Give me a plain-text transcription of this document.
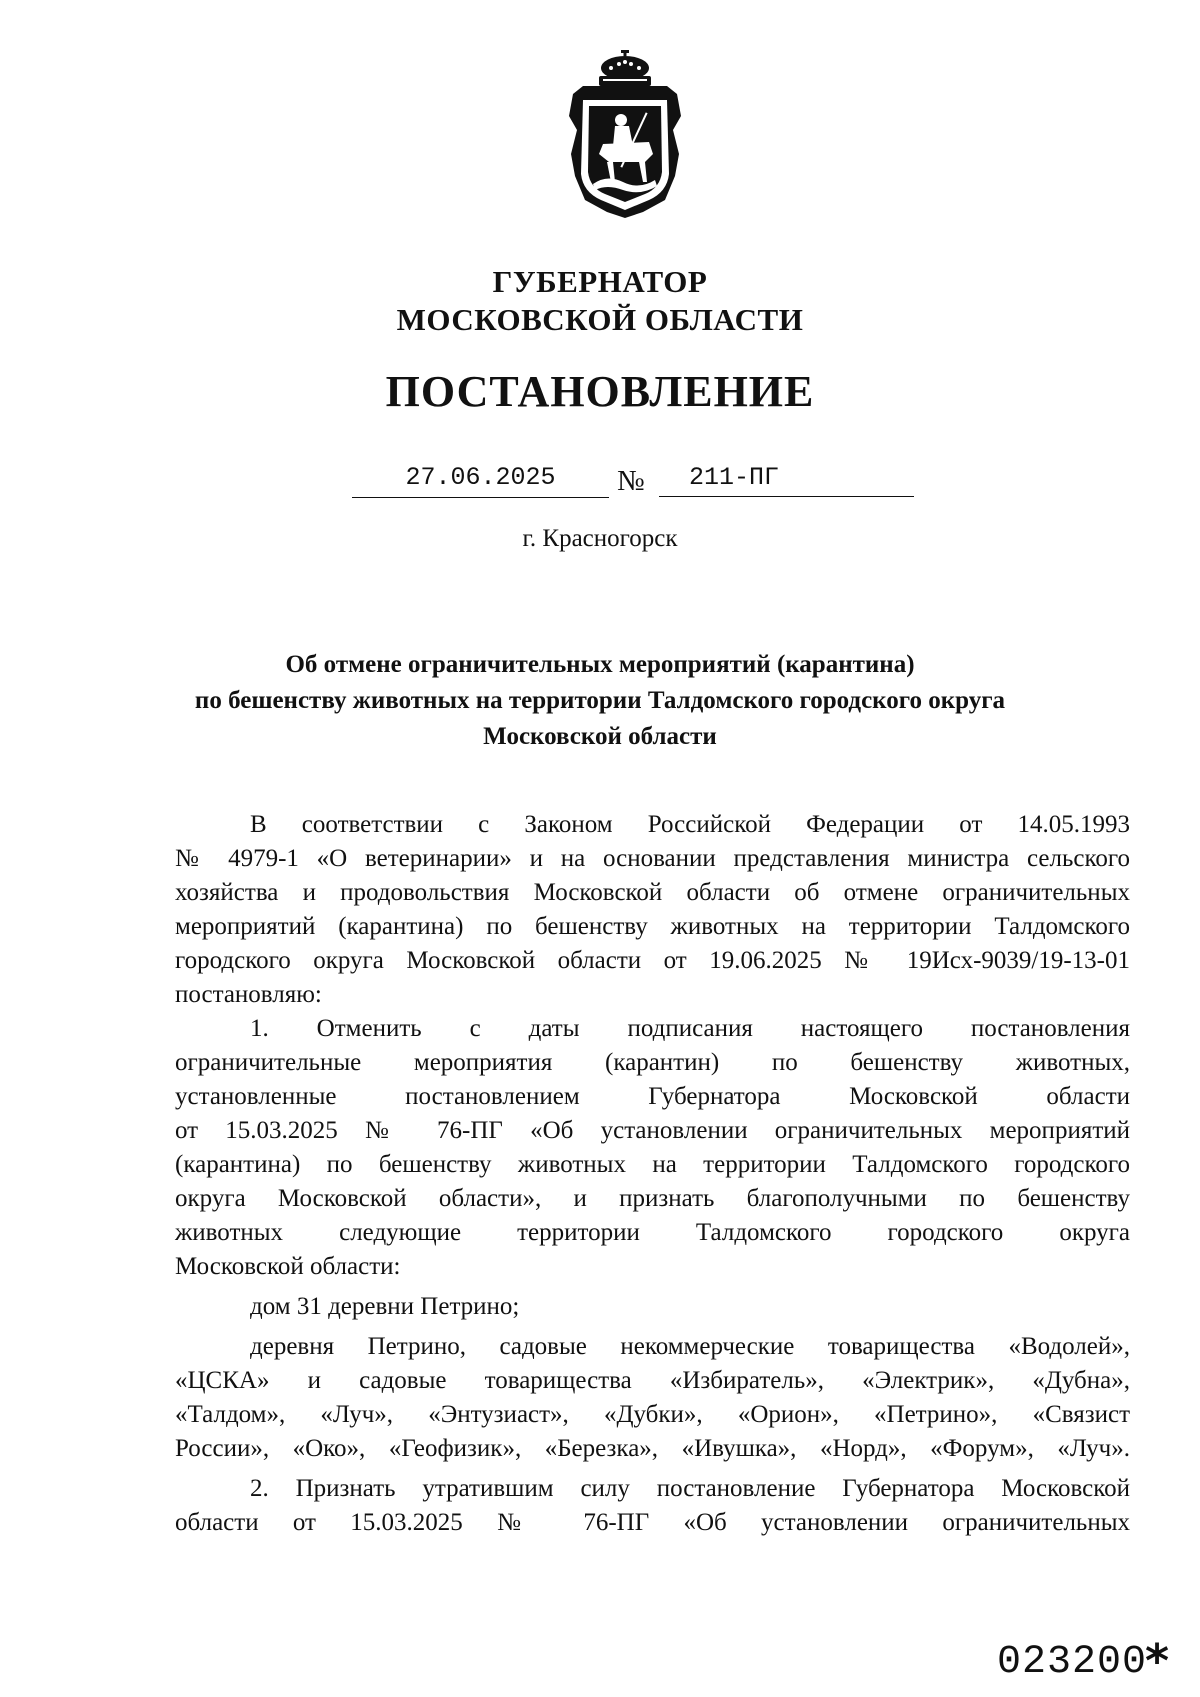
ГУБЕРНАТОР
МОСКОВСКОЙ ОБЛАСТИ
ПОСТАНОВЛЕНИЕ
27.06.2025	№	211-ПГ
г. Красногорск
Об отмене ограничительных мероприятий (карантина)
по бешенству животных на территории Талдомского городского округа
Московской области

В соответствии с Законом Российской Федерации от 14.05.1993
№ 4979-1 «О ветеринарии» и на основании представления министра сельского
хозяйства и продовольствия Московской области об отмене ограничительных
мероприятий (карантина) по бешенству животных на территории Талдомского
городского округа Московской области от 19.06.2025 № 19Исх-9039/19-13-01
постановляю:

1. Отменить с даты подписания настоящего постановления
ограничительные мероприятия (карантин) по бешенству животных,
установленные постановлением Губернатора Московской области
от 15.03.2025 № 76-ПГ «Об установлении ограничительных мероприятий
(карантина) по бешенству животных на территории Талдомского городского
округа Московской области», и признать благополучными по бешенству
животных следующие территории Талдомского городского округа
Московской области:

дом 31 деревни Петрино;

деревня Петрино, садовые некоммерческие товарищества «Водолей»,
«ЦСКА» и садовые товарищества «Избиратель», «Электрик», «Дубна»,
«Талдом», «Луч», «Энтузиаст», «Дубки», «Орион», «Петрино», «Связист
России», «Око», «Геофизик», «Березка», «Ивушка», «Норд», «Форум», «Луч».

2. Признать утратившим силу постановление Губернатора Московской
области от 15.03.2025 № 76-ПГ «Об установлении ограничительных

023200
*
